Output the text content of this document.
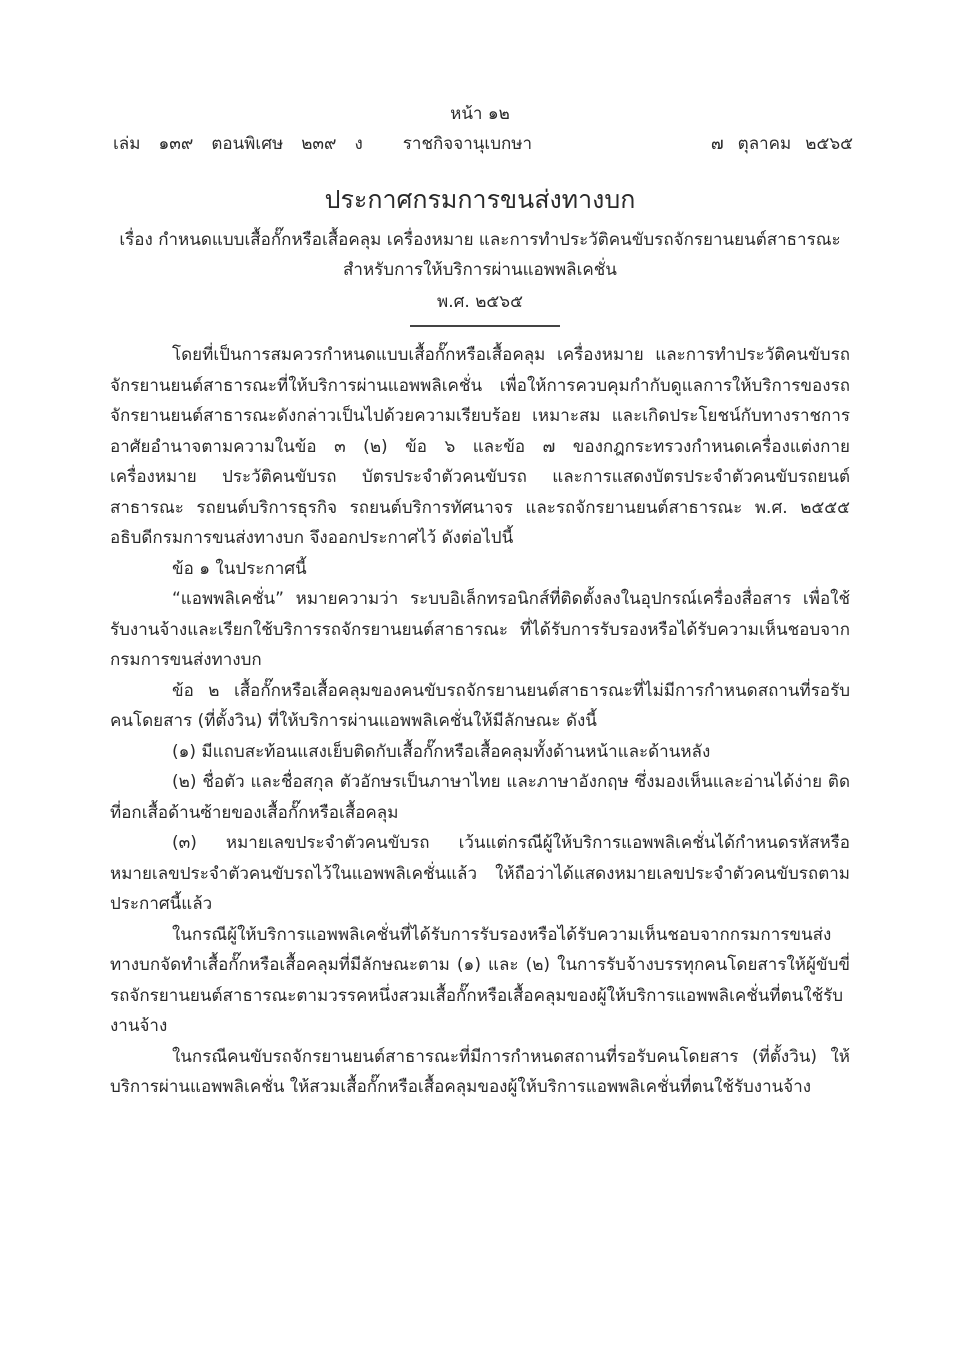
หน้า ๑๒
เล่ม ๑๓๙ ตอนพิเศษ ๒๓๙ ง ราชกิจจานุเบกษา	๗ ตุลาคม ๒๕๖๕
ประกาศกรมการขนส่งทางบก
เรื่อง กำหนดแบบเสื้อกั๊กหรือเสื้อคลุม เครื่องหมาย และการทำประวัติคนขับรถจักรยานยนต์สาธารณะ
สำหรับการให้บริการผ่านแอพพลิเคชั่น
พ.ศ. ๒๕๖๕

โดยที่เป็นการสมควรกำหนดแบบเสื้อกั๊กหรือเสื้อคลุม เครื่องหมาย และการทำประวัติคนขับรถจักรยานยนต์สาธารณะที่ให้บริการผ่านแอพพลิเคชั่น เพื่อให้การควบคุมกำกับดูแลการให้บริการของรถจักรยานยนต์สาธารณะดังกล่าวเป็นไปด้วยความเรียบร้อย เหมาะสม และเกิดประโยชน์กับทางราชการ อาศัยอำนาจตามความในข้อ ๓ (๒) ข้อ ๖ และข้อ ๗ ของกฎกระทรวงกำหนดเครื่องแต่งกาย เครื่องหมาย ประวัติคนขับรถ บัตรประจำตัวคนขับรถ และการแสดงบัตรประจำตัวคนขับรถยนต์สาธารณะ รถยนต์บริการธุรกิจ รถยนต์บริการทัศนาจร และรถจักรยานยนต์สาธารณะ พ.ศ. ๒๕๕๕ อธิบดีกรมการขนส่งทางบก จึงออกประกาศไว้ ดังต่อไปนี้

ข้อ ๑ ในประกาศนี้

“แอพพลิเคชั่น” หมายความว่า ระบบอิเล็กทรอนิกส์ที่ติดตั้งลงในอุปกรณ์เครื่องสื่อสาร เพื่อใช้รับงานจ้างและเรียกใช้บริการรถจักรยานยนต์สาธารณะ ที่ได้รับการรับรองหรือได้รับความเห็นชอบจากกรมการขนส่งทางบก

ข้อ ๒ เสื้อกั๊กหรือเสื้อคลุมของคนขับรถจักรยานยนต์สาธารณะที่ไม่มีการกำหนดสถานที่รอรับคนโดยสาร (ที่ตั้งวิน) ที่ให้บริการผ่านแอพพลิเคชั่นให้มีลักษณะ ดังนี้

(๑) มีแถบสะท้อนแสงเย็บติดกับเสื้อกั๊กหรือเสื้อคลุมทั้งด้านหน้าและด้านหลัง

(๒) ชื่อตัว และชื่อสกุล ตัวอักษรเป็นภาษาไทย และภาษาอังกฤษ ซึ่งมองเห็นและอ่านได้ง่าย ติดที่อกเสื้อด้านซ้ายของเสื้อกั๊กหรือเสื้อคลุม

(๓) หมายเลขประจำตัวคนขับรถ เว้นแต่กรณีผู้ให้บริการแอพพลิเคชั่นได้กำหนดรหัสหรือหมายเลขประจำตัวคนขับรถไว้ในแอพพลิเคชั่นแล้ว ให้ถือว่าได้แสดงหมายเลขประจำตัวคนขับรถตามประกาศนี้แล้ว

ในกรณีผู้ให้บริการแอพพลิเคชั่นที่ได้รับการรับรองหรือได้รับความเห็นชอบจากกรมการขนส่งทางบกจัดทำเสื้อกั๊กหรือเสื้อคลุมที่มีลักษณะตาม (๑) และ (๒) ในการรับจ้างบรรทุกคนโดยสารให้ผู้ขับขี่รถจักรยานยนต์สาธารณะตามวรรคหนึ่งสวมเสื้อกั๊กหรือเสื้อคลุมของผู้ให้บริการแอพพลิเคชั่นที่ตนใช้รับงานจ้าง

ในกรณีคนขับรถจักรยานยนต์สาธารณะที่มีการกำหนดสถานที่รอรับคนโดยสาร (ที่ตั้งวิน) ให้บริการผ่านแอพพลิเคชั่น ให้สวมเสื้อกั๊กหรือเสื้อคลุมของผู้ให้บริการแอพพลิเคชั่นที่ตนใช้รับงานจ้าง
